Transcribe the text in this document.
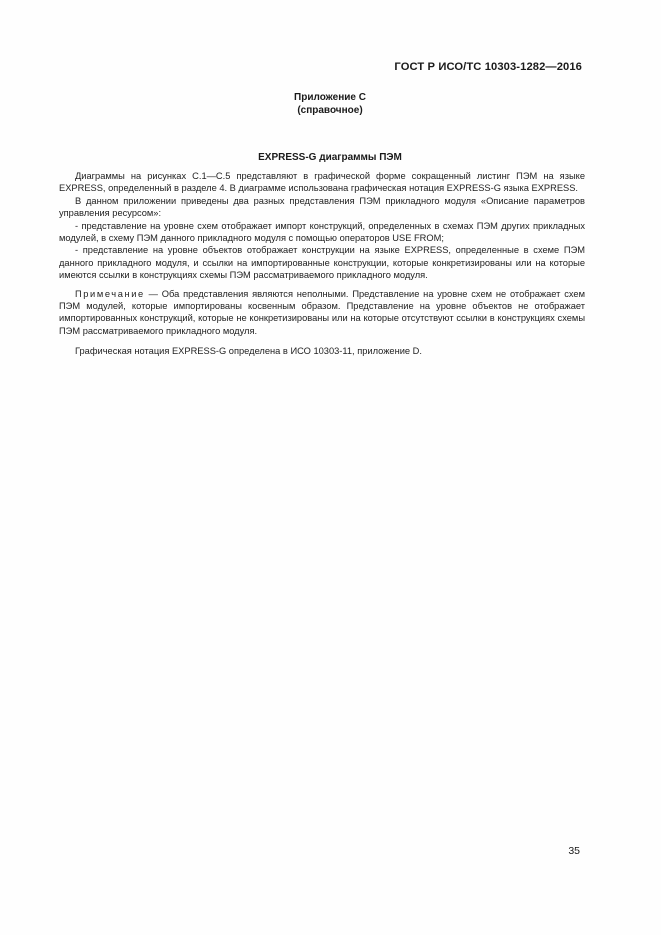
ГОСТ Р ИСО/ТС 10303-1282—2016
Приложение С
(справочное)
EXPRESS-G диаграммы ПЭМ

Диаграммы на рисунках С.1—С.5 представляют в графической форме сокращенный листинг ПЭМ на языке EXPRESS, определенный в разделе 4. В диаграмме использована графическая нотация EXPRESS-G языка EXPRESS.

В данном приложении приведены два разных представления ПЭМ прикладного модуля «Описание параметров управления ресурсом»:

- представление на уровне схем отображает импорт конструкций, определенных в схемах ПЭМ других прикладных модулей, в схему ПЭМ данного прикладного модуля с помощью операторов USE FROM;

- представление на уровне объектов отображает конструкции на языке EXPRESS, определенные в схеме ПЭМ данного прикладного модуля, и ссылки на импортированные конструкции, которые конкретизированы или на которые имеются ссылки в конструкциях схемы ПЭМ рассматриваемого прикладного модуля.

Примечание — Оба представления являются неполными. Представление на уровне схем не отображает схем ПЭМ модулей, которые импортированы косвенным образом. Представление на уровне объектов не отображает импортированных конструкций, которые не конкретизированы или на которые отсутствуют ссылки в конструкциях схемы ПЭМ рассматриваемого прикладного модуля.

Графическая нотация EXPRESS-G определена в ИСО 10303-11, приложение D.

35
